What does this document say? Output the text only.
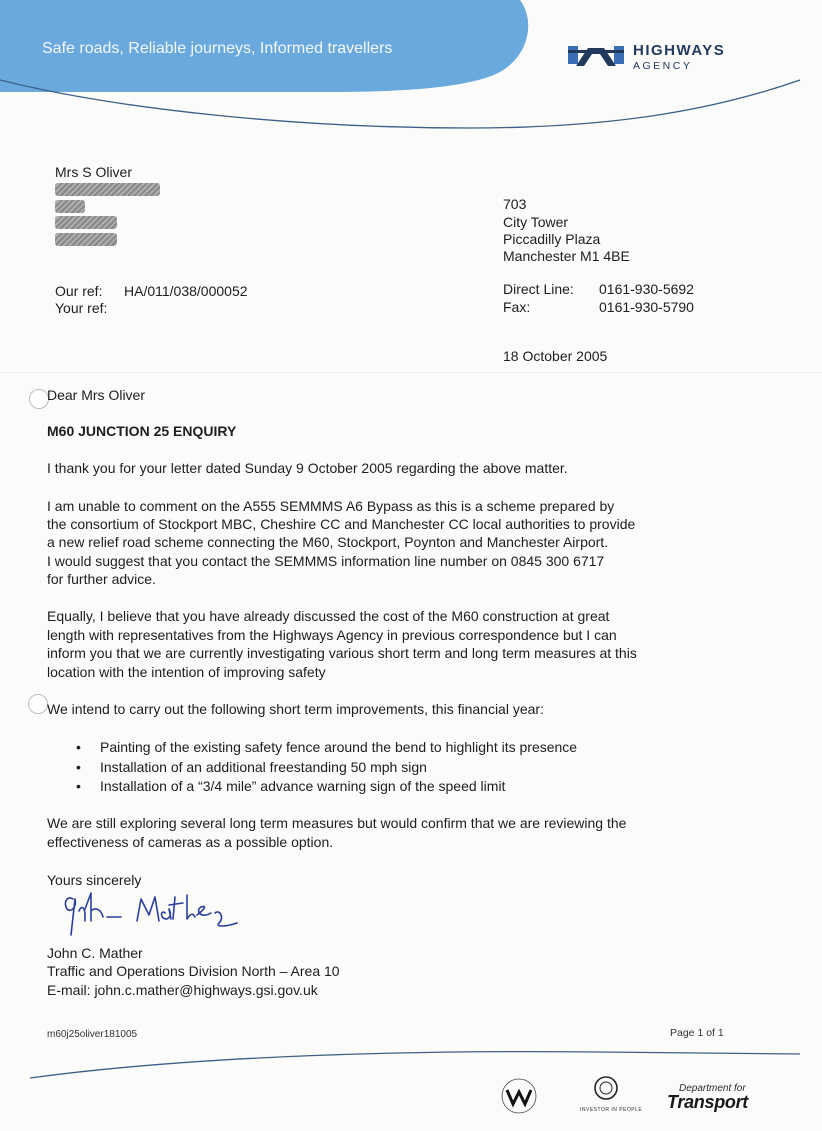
Safe roads, Reliable journeys, Informed travellers	HIGHWAYS
AGENCY
Mrs S Oliver
703
City Tower
Piccadilly Plaza
Manchester M1 4BE
Our ref: HA/011/038/000052
Your ref:
Direct Line: 0161-930-5692
Fax:	0161-930-5790
18 October 2005
Dear Mrs Oliver
M60 JUNCTION 25 ENQUIRY
I thank you for your letter dated Sunday 9 October 2005 regarding the above matter.
I am unable to comment on the A555 SEMMMS A6 Bypass as this is a scheme prepared by
the consortium of Stockport MBC, Cheshire CC and Manchester CC local authorities to provide
a new relief road scheme connecting the M60, Stockport, Poynton and Manchester Airport.
I would suggest that you contact the SEMMMS information line number on 0845 300 6717
for further advice.
Equally, I believe that you have already discussed the cost of the M60 construction at great
length with representatives from the Highways Agency in previous correspondence but I can
inform you that we are currently investigating various short term and long term measures at this
location with the intention of improving safety
We intend to carry out the following short term improvements, this financial year:
• Painting of the existing safety fence around the bend to highlight its presence
• Installation of an additional freestanding 50 mph sign
• Installation of a “3/4 mile” advance warning sign of the speed limit
We are still exploring several long term measures but would confirm that we are reviewing the
effectiveness of cameras as a possible option.
Yours sincerely
John C. Mather
Traffic and Operations Division North – Area 10
E-mail: john.c.mather@highways.gsi.gov.uk
m60j25oliver181005	Page 1 of 1
INVESTOR IN PEOPLE
Department for
Transport
